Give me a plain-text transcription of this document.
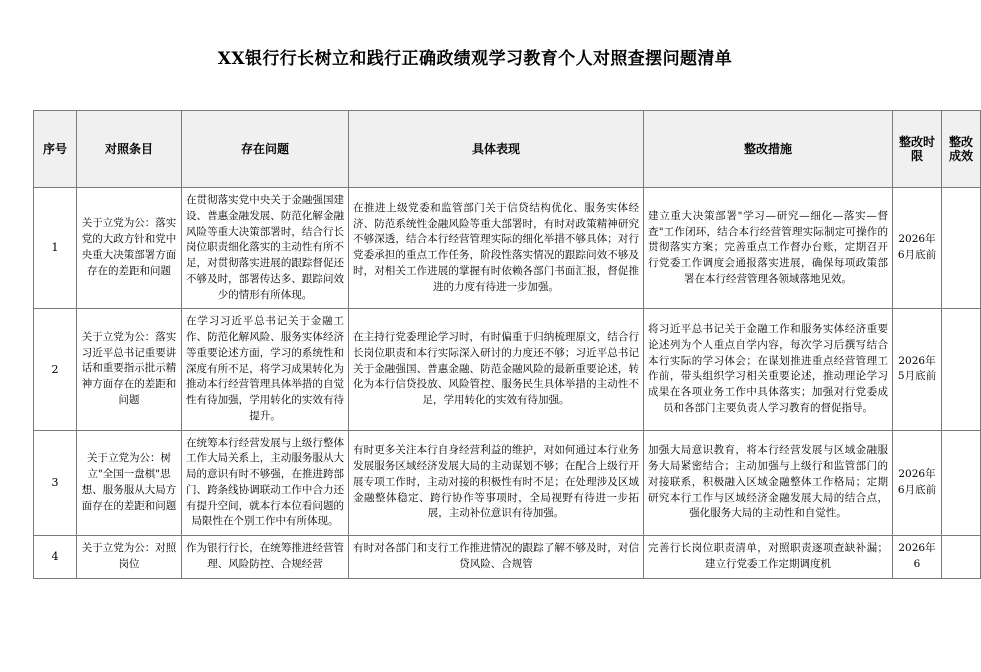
XX银行行长树立和践行正确政绩观学习教育个人对照查摆问题清单
序号	对照条目	存在问题	具体表现	整改措施	整改时限	整改成效
1	关于立党为公：落实党的大政方针和党中央重大决策部署方面存在的差距和问题	在贯彻落实党中央关于金融强国建设、普惠金融发展、防范化解金融风险等重大决策部署时，结合行长岗位职责细化落实的主动性有所不足，对贯彻落实进展的跟踪督促还不够及时，部署传达多、跟踪问效少的情形有所体现。	在推进上级党委和监管部门关于信贷结构优化、服务实体经济、防范系统性金融风险等重大部署时，有时对政策精神研究不够深透，结合本行经营管理实际的细化举措不够具体；对行党委承担的重点工作任务，阶段性落实情况的跟踪问效不够及时，对相关工作进展的掌握有时依赖各部门书面汇报，督促推进的力度有待进一步加强。	建立重大决策部署"学习—研究—细化—落实—督查"工作闭环，结合本行经营管理实际制定可操作的贯彻落实方案；完善重点工作督办台账，定期召开行党委工作调度会通报落实进展，确保每项政策部署在本行经营管理各领域落地见效。	2026年6月底前	
2	关于立党为公：落实习近平总书记重要讲话和重要指示批示精神方面存在的差距和问题	在学习习近平总书记关于金融工作、防范化解风险、服务实体经济等重要论述方面，学习的系统性和深度有所不足，将学习成果转化为推动本行经营管理具体举措的自觉性有待加强，学用转化的实效有待提升。	在主持行党委理论学习时，有时偏重于归纳梳理原文，结合行长岗位职责和本行实际深入研讨的力度还不够；习近平总书记关于金融强国、普惠金融、防范金融风险的最新重要论述，转化为本行信贷投放、风险管控、服务民生具体举措的主动性不足，学用转化的实效有待加强。	将习近平总书记关于金融工作和服务实体经济重要论述列为个人重点自学内容，每次学习后撰写结合本行实际的学习体会；在谋划推进重点经营管理工作前，带头组织学习相关重要论述，推动理论学习成果在各项业务工作中具体落实；加强对行党委成员和各部门主要负责人学习教育的督促指导。	2026年5月底前	
3	关于立党为公：树立"全国一盘棋"思想、服务服从大局方面存在的差距和问题	在统筹本行经营发展与上级行整体工作大局关系上，主动服务服从大局的意识有时不够强，在推进跨部门、跨条线协调联动工作中合力还有提升空间，就本行本位看问题的局限性在个别工作中有所体现。	有时更多关注本行自身经营利益的维护，对如何通过本行业务发展服务区域经济发展大局的主动谋划不够；在配合上级行开展专项工作时，主动对接的积极性有时不足；在处理涉及区域金融整体稳定、跨行协作等事项时，全局视野有待进一步拓展，主动补位意识有待加强。	加强大局意识教育，将本行经营发展与区域金融服务大局紧密结合；主动加强与上级行和监管部门的对接联系，积极融入区域金融整体工作格局；定期研究本行工作与区域经济金融发展大局的结合点，强化服务大局的主动性和自觉性。	2026年6月底前	
4	关于立党为公：对照岗位	作为银行行长，在统筹推进经营管理、风险防控、合规经营	有时对各部门和支行工作推进情况的跟踪了解不够及时，对信贷风险、合规管	完善行长岗位职责清单，对照职责逐项查缺补漏；建立行党委工作定期调度机	2026年6	
